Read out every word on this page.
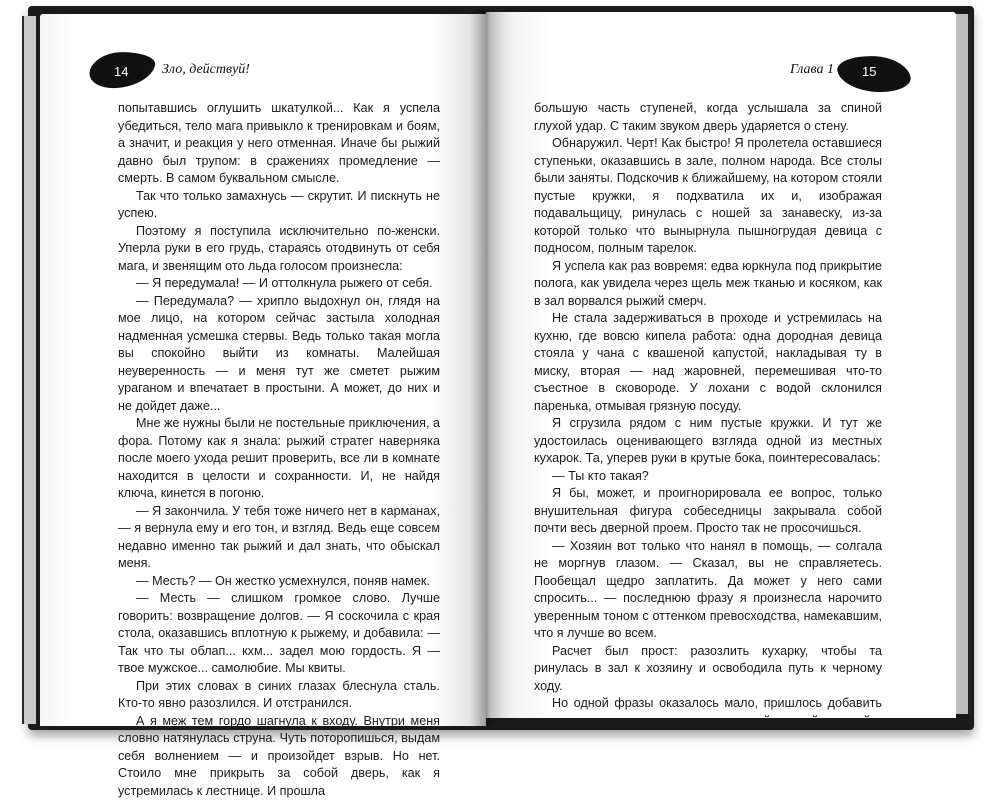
14 Зло, действуй!	15
Глава 1

попытавшись оглушить шкатулкой... Как я успела убедиться, тело мага привыкло к тренировкам и боям, а значит, и реакция у него отменная. Иначе бы рыжий давно был трупом: в сражениях промедление — смерть. В самом буквальном смысле.

Так что только замахнусь — скрутит. И пискнуть не успею.

Поэтому я поступила исключительно по-женски. Уперла руки в его грудь, стараясь отодвинуть от себя мага, и звенящим ото льда голосом произнесла:

— Я передумала! — И оттолкнула рыжего от себя.

— Передумала? — хрипло выдохнул он, глядя на мое лицо, на котором сейчас застыла холодная надменная усмешка стервы. Ведь только такая могла вы спокойно выйти из комнаты. Малейшая неуверенность — и меня тут же сметет рыжим ураганом и впечатает в простыни. А может, до них и не дойдет даже...

Мне же нужны были не постельные приключения, а фора. Потому как я знала: рыжий стратег наверняка после моего ухода решит проверить, все ли в комнате находится в целости и сохранности. И, не найдя ключа, кинется в погоню.

— Я закончила. У тебя тоже ничего нет в карманах, — я вернула ему и его тон, и взгляд. Ведь еще совсем недавно именно так рыжий и дал знать, что обыскал меня.

— Месть? — Он жестко усмехнулся, поняв намек.

— Месть — слишком громкое слово. Лучше говорить: возвращение долгов. — Я соскочила с края стола, оказавшись вплотную к рыжему, и добавила: — Так что ты облап... кхм... задел мою гордость. Я — твое мужское... самолюбие. Мы квиты.

При этих словах в синих глазах блеснула сталь. Кто-то явно разозлился. И отстранился.

А я меж тем гордо шагнула к входу. Внутри меня словно натянулась струна. Чуть поторопишься, выдам себя волнением — и произойдет взрыв. Но нет. Стоило мне прикрыть за собой дверь, как я устремилась к лестнице. И прошла

большую часть ступеней, когда услышала за спиной глухой удар. С таким звуком дверь ударяется о стену.

Обнаружил. Черт! Как быстро! Я пролетела оставшиеся ступеньки, оказавшись в зале, полном народа. Все столы были заняты. Подскочив к ближайшему, на котором стояли пустые кружки, я подхватила их и, изображая подавальщицу, ринулась с ношей за занавеску, из-за которой только что вынырнула пышногрудая девица с подносом, полным тарелок.

Я успела как раз вовремя: едва юркнула под прикрытие полога, как увидела через щель меж тканью и косяком, как в зал ворвался рыжий смерч.

Не стала задерживаться в проходе и устремилась на кухню, где вовсю кипела работа: одна дородная девица стояла у чана с квашеной капустой, накладывая ту в миску, вторая — над жаровней, перемешивая что-то съестное в сковороде. У лохани с водой склонился паренька, отмывая грязную посуду.

Я сгрузила рядом с ним пустые кружки. И тут же удостоилась оценивающего взгляда одной из местных кухарок. Та, уперев руки в крутые бока, поинтересовалась:

— Ты кто такая?

Я бы, может, и проигнорировала ее вопрос, только внушительная фигура собеседницы закрывала собой почти весь дверной проем. Просто так не просочишься.

— Хозяин вот только что нанял в помощь, — солгала не моргнув глазом. — Сказал, вы не справляетесь. Пообещал щедро заплатить. Да может у него сами спросить... — последнюю фразу я произнесла нарочито уверенным тоном с оттенком превосходства, намекавшим, что я лучше во всем.

Расчет был прост: разозлить кухарку, чтобы та ринулась в зал к хозяину и освободила путь к черному ходу.

Но одной фразы оказалось мало, пришлось добавить взгляд, которым я прошлась по высокой грузной женской
